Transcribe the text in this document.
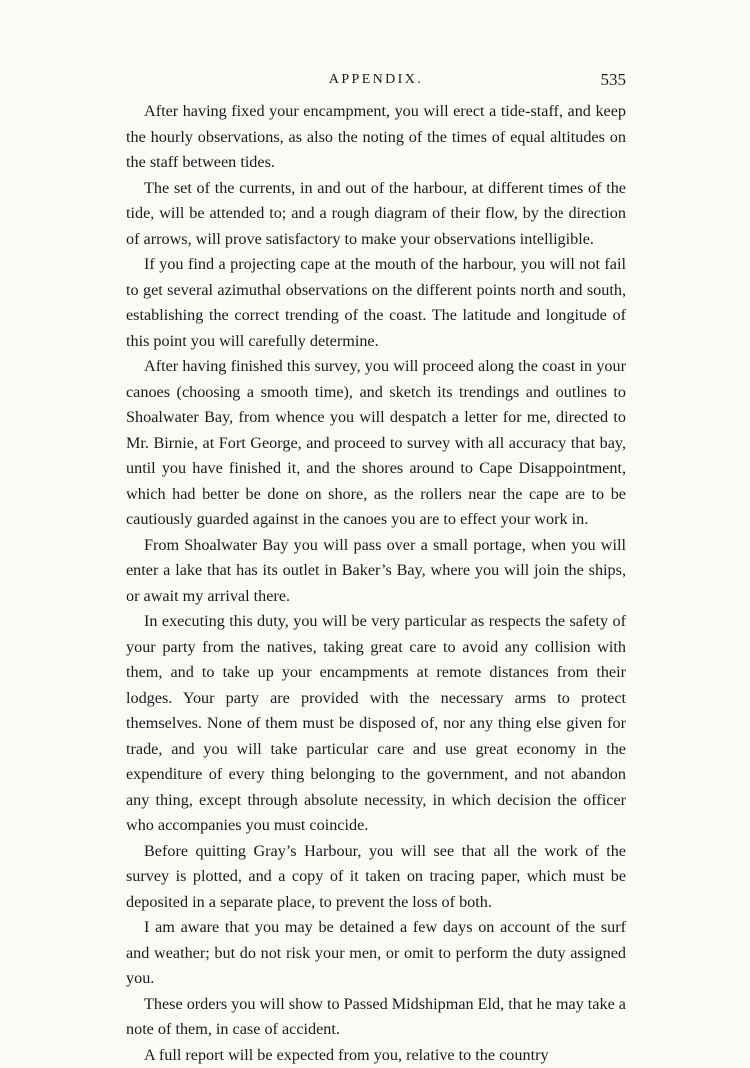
APPENDIX.	535

After having fixed your encampment, you will erect a tide-staff, and keep the hourly observations, as also the noting of the times of equal altitudes on the staff between tides.

The set of the currents, in and out of the harbour, at different times of the tide, will be attended to; and a rough diagram of their flow, by the direction of arrows, will prove satisfactory to make your observations intelligible.

If you find a projecting cape at the mouth of the harbour, you will not fail to get several azimuthal observations on the different points north and south, establishing the correct trending of the coast. The latitude and longitude of this point you will carefully determine.

After having finished this survey, you will proceed along the coast in your canoes (choosing a smooth time), and sketch its trendings and outlines to Shoalwater Bay, from whence you will despatch a letter for me, directed to Mr. Birnie, at Fort George, and proceed to survey with all accuracy that bay, until you have finished it, and the shores around to Cape Disappointment, which had better be done on shore, as the rollers near the cape are to be cautiously guarded against in the canoes you are to effect your work in.

From Shoalwater Bay you will pass over a small portage, when you will enter a lake that has its outlet in Baker’s Bay, where you will join the ships, or await my arrival there.

In executing this duty, you will be very particular as respects the safety of your party from the natives, taking great care to avoid any collision with them, and to take up your encampments at remote distances from their lodges. Your party are provided with the necessary arms to protect themselves. None of them must be disposed of, nor any thing else given for trade, and you will take particular care and use great economy in the expenditure of every thing belonging to the government, and not abandon any thing, except through absolute necessity, in which decision the officer who accompanies you must coincide.

Before quitting Gray’s Harbour, you will see that all the work of the survey is plotted, and a copy of it taken on tracing paper, which must be deposited in a separate place, to prevent the loss of both.

I am aware that you may be detained a few days on account of the surf and weather; but do not risk your men, or omit to perform the duty assigned you.

These orders you will show to Passed Midshipman Eld, that he may take a note of them, in case of accident.

A full report will be expected from you, relative to the country
